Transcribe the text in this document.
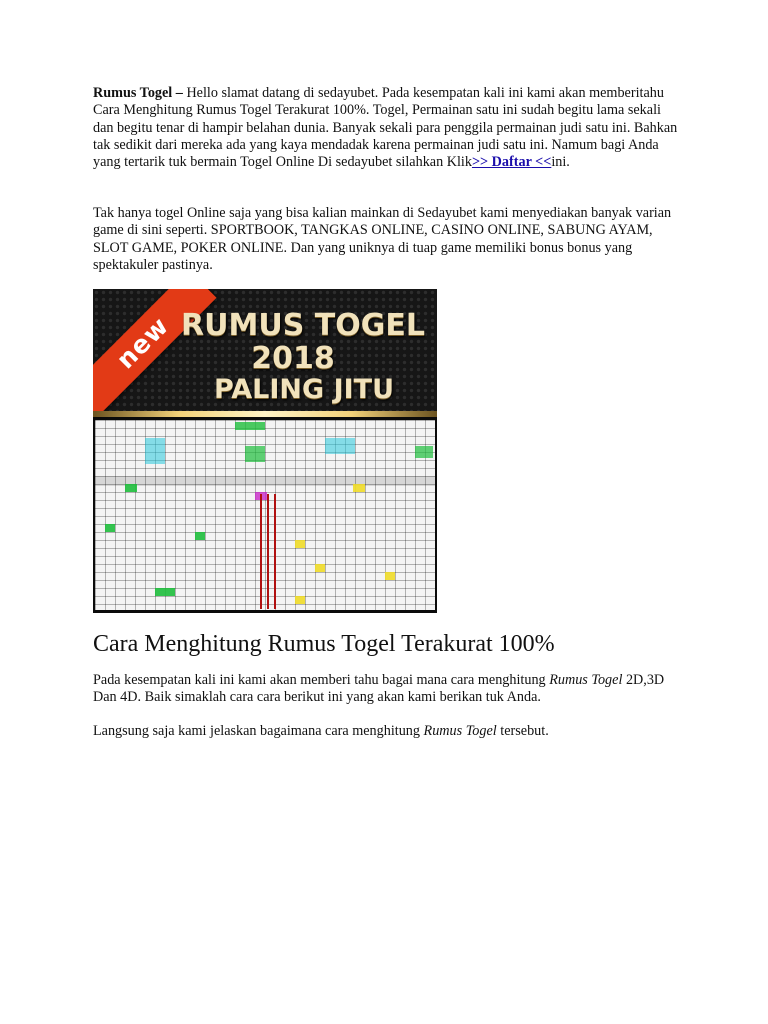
Rumus Togel – Hello slamat datang di sedayubet. Pada kesempatan kali ini kami akan memberitahu Cara Menghitung Rumus Togel Terakurat 100%. Togel, Permainan satu ini sudah begitu lama sekali dan begitu tenar di hampir belahan dunia. Banyak sekali para penggila permainan judi satu ini. Bahkan tak sedikit dari mereka ada yang kaya mendadak karena permainan judi satu ini. Namum bagi Anda yang tertarik tuk bermain Togel Online Di sedayubet silahkan Klik>> Daftar <<ini.

Tak hanya togel Online saja yang bisa kalian mainkan di Sedayubet kami menyediakan banyak varian game di sini seperti. SPORTBOOK, TANGKAS ONLINE, CASINO ONLINE, SABUNG AYAM, SLOT GAME, POKER ONLINE. Dan yang uniknya di tuap game memiliki bonus bonus yang spektakuler pastinya.

new RUMUS TOGEL
2018
PALING JITU
Cara Menghitung Rumus Togel Terakurat 100%

Pada kesempatan kali ini kami akan memberi tahu bagai mana cara menghitung Rumus Togel 2D,3D Dan 4D. Baik simaklah cara cara berikut ini yang akan kami berikan tuk Anda.

Langsung saja kami jelaskan bagaimana cara menghitung Rumus Togel tersebut.
